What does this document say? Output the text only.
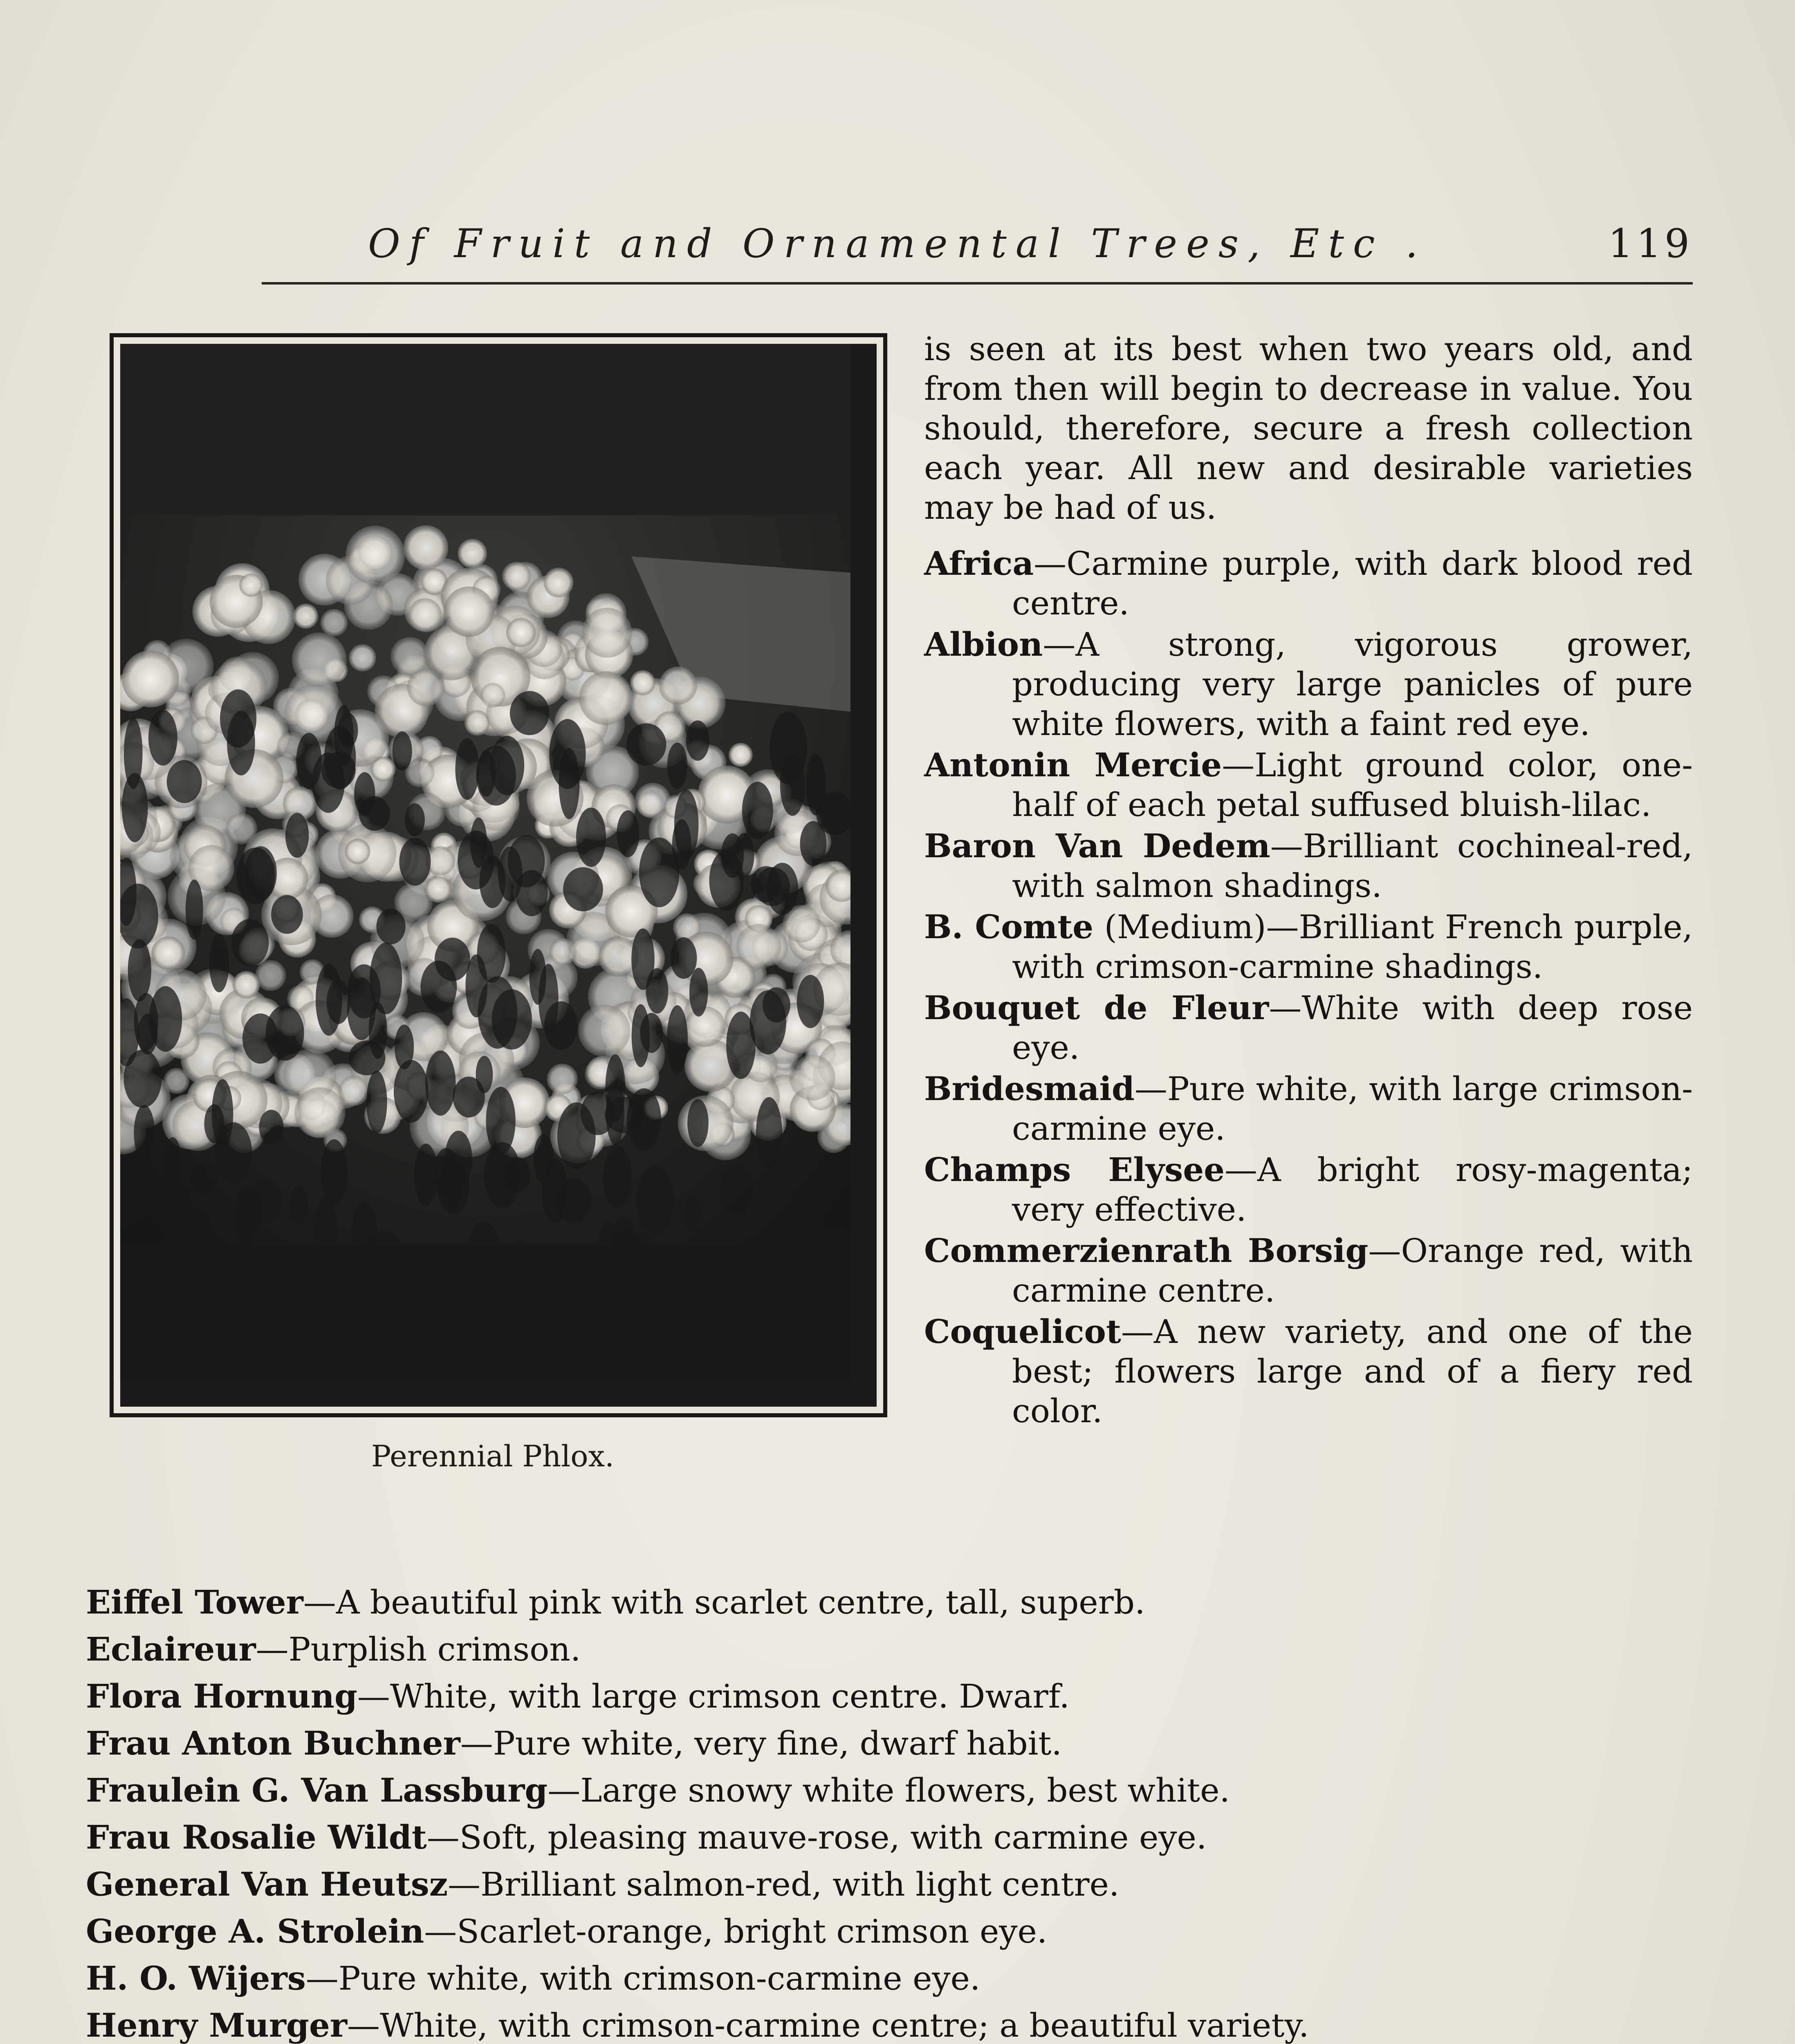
Of Fruit and Ornamental Trees, Etc .	119
Perennial Phlox.

is seen at its best when two years old, and from then will begin to decrease in value. You should, therefore, secure a fresh collection each year. All new and desirable varieties may be had of us.

Africa—Carmine purple, with dark blood red centre.

Albion—A strong, vigorous grower, producing very large panicles of pure white flowers, with a faint red eye.

Antonin Mercie—Light ground color, one-half of each petal suffused bluish-lilac.

Baron Van Dedem—Brilliant cochineal-red, with salmon shadings.

B. Comte (Medium)—Brilliant French purple, with crimson-carmine shadings.

Bouquet de Fleur—White with deep rose eye.

Bridesmaid—Pure white, with large crimson-carmine eye.

Champs Elysee—A bright rosy-magenta; very effective.

Commerzienrath Borsig—Orange red, with carmine centre.

Coquelicot—A new variety, and one of the best; flowers large and of a fiery red color.

Eiffel Tower—A beautiful pink with scarlet centre, tall, superb.

Eclaireur—Purplish crimson.

Flora Hornung—White, with large crimson centre. Dwarf.

Frau Anton Buchner—Pure white, very fine, dwarf habit.

Fraulein G. Van Lassburg—Large snowy white flowers, best white.

Frau Rosalie Wildt—Soft, pleasing mauve-rose, with carmine eye.

General Van Heutsz—Brilliant salmon-red, with light centre.

George A. Strolein—Scarlet-orange, bright crimson eye.

H. O. Wijers—Pure white, with crimson-carmine eye.

Henry Murger—White, with crimson-carmine centre; a beautiful variety.
